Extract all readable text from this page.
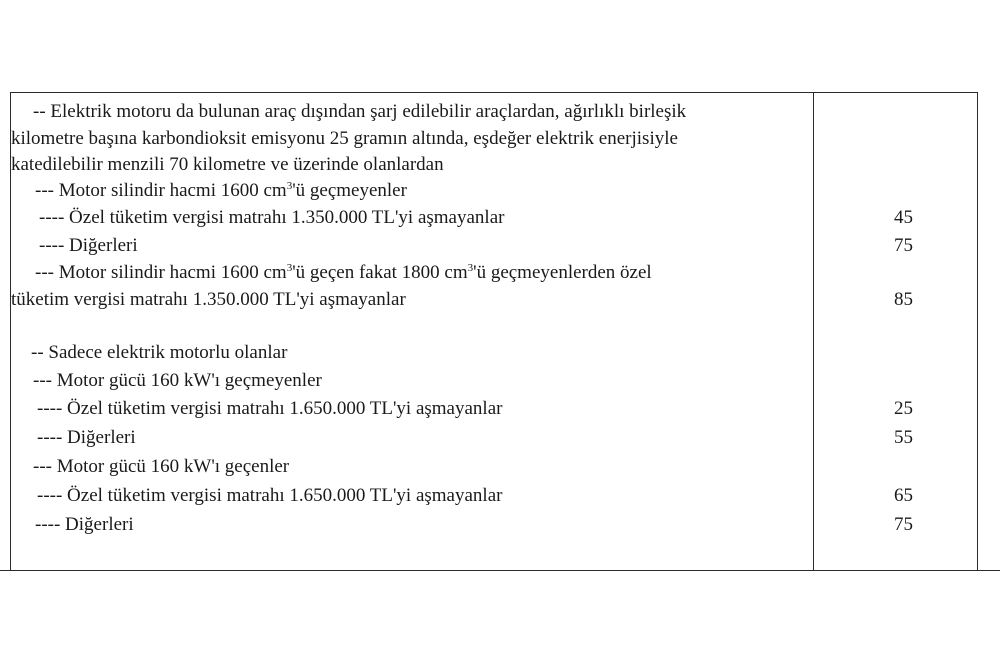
-- Elektrik motoru da bulunan araç dışından şarj edilebilir araçlardan, ağırlıklı birleşik
kilometre başına karbondioksit emisyonu 25 gramın altında, eşdeğer elektrik enerjisiyle
katedilebilir menzili 70 kilometre ve üzerinde olanlardan
--- Motor silindir hacmi 1600 $cm^3'ü$ geçmeyenler
---- Özel tüketim vergisi matrahı 1.350.000 TL'yi aşmayanlar	45
---- Diğerleri	75
--- Motor silindir hacmi 1600 $cm^3'ü$ geçen fakat 1800 $cm^3'ü$ geçmeyenlerden özel
tüketim vergisi matrahı 1.350.000 TL'yi aşmayanlar	85
-- Sadece elektrik motorlu olanlar
--- Motor gücü 160 kW'ı geçmeyenler
---- Özel tüketim vergisi matrahı 1.650.000 TL'yi aşmayanlar	25
---- Diğerleri	55
--- Motor gücü 160 kW'ı geçenler
---- Özel tüketim vergisi matrahı 1.650.000 TL'yi aşmayanlar	65
---- Diğerleri	75
